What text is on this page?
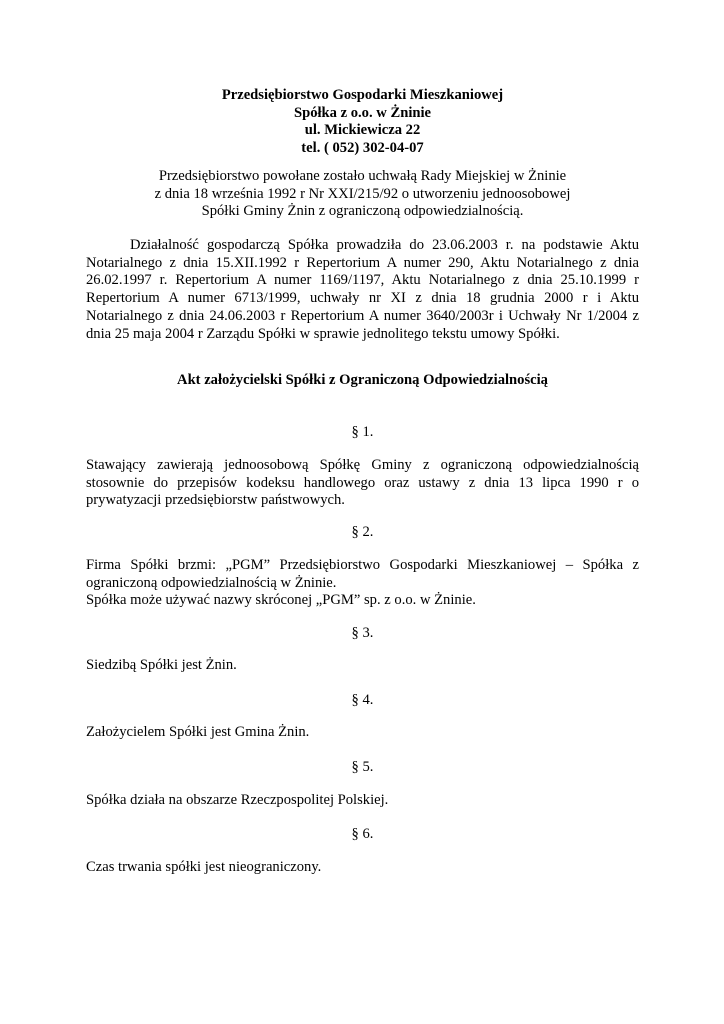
Przedsiębiorstwo Gospodarki Mieszkaniowej
Spółka z o.o. w Żninie
ul. Mickiewicza 22
tel. ( 052) 302-04-07
Przedsiębiorstwo powołane zostało uchwałą Rady Miejskiej w Żninie
z dnia 18 września 1992 r Nr XXI/215/92 o utworzeniu jednoosobowej
Spółki Gminy Żnin z ograniczoną odpowiedzialnością.
Działalność gospodarczą Spółka prowadziła do 23.06.2003 r. na podstawie Aktu
Notarialnego z dnia 15.XII.1992 r Repertorium A numer 290, Aktu Notarialnego z dnia
26.02.1997 r. Repertorium A numer 1169/1197, Aktu Notarialnego z dnia 25.10.1999 r
Repertorium A numer 6713/1999, uchwały nr XI z dnia 18 grudnia 2000 r i Aktu
Notarialnego z dnia 24.06.2003 r Repertorium A numer 3640/2003r i Uchwały Nr 1/2004 z
dnia 25 maja 2004 r Zarządu Spółki w sprawie jednolitego tekstu umowy Spółki.
Akt założycielski Spółki z Ograniczoną Odpowiedzialnością
§ 1.
Stawający zawierają jednoosobową Spółkę Gminy z ograniczoną odpowiedzialnością
stosownie do przepisów kodeksu handlowego oraz ustawy z dnia 13 lipca 1990 r o
prywatyzacji przedsiębiorstw państwowych.
§ 2.
Firma Spółki brzmi: „PGM” Przedsiębiorstwo Gospodarki Mieszkaniowej – Spółka z
ograniczoną odpowiedzialnością w Żninie.
Spółka może używać nazwy skróconej „PGM” sp. z o.o. w Żninie.
§ 3.
Siedzibą Spółki jest Żnin.
§ 4.
Założycielem Spółki jest Gmina Żnin.
§ 5.
Spółka działa na obszarze Rzeczpospolitej Polskiej.
§ 6.
Czas trwania spółki jest nieograniczony.
